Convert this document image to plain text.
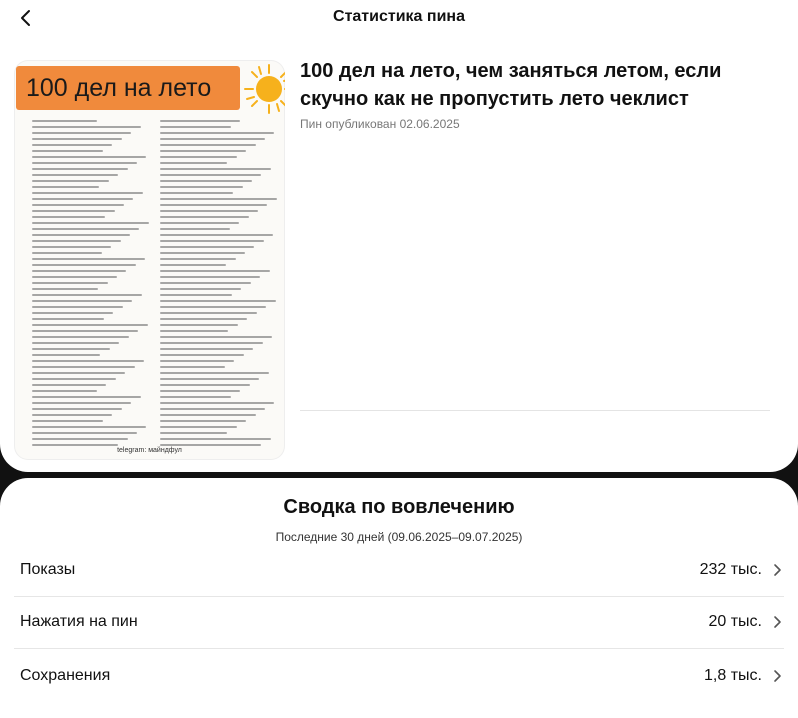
Статистика пина
100 дел на лето
telegram: майндфул
100 дел на лето, чем заняться летом, если скучно как не пропустить лето чеклист
Пин опубликован 02.06.2025
Сводка по вовлечению
Последние 30 дней (09.06.2025–09.07.2025)
Показы	232 тыс.
Нажатия на пин	20 тыс.
Сохранения	1,8 тыс.
